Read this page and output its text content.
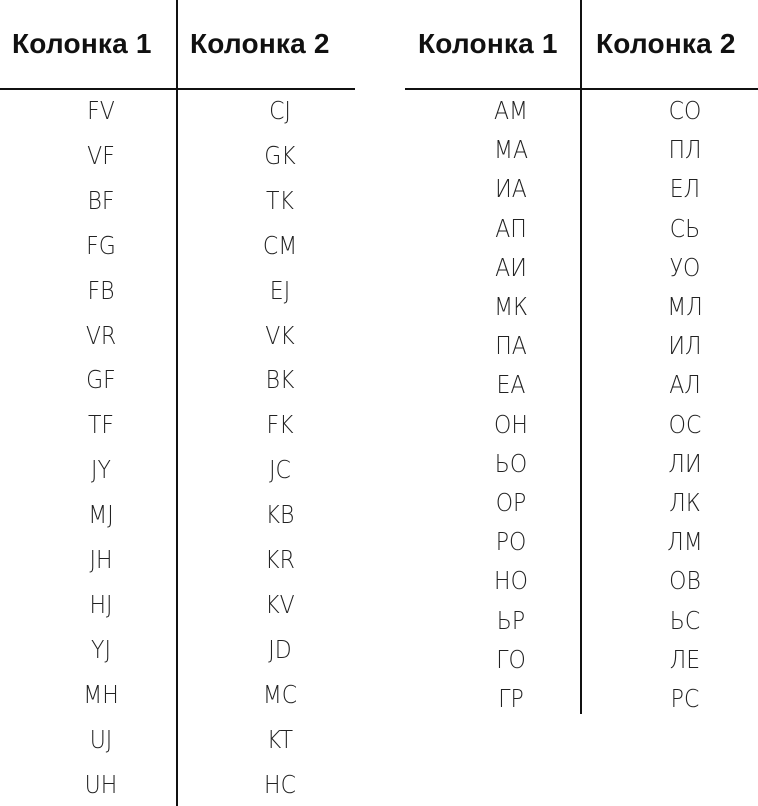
Колонка 1	Колонка 2
FV	CJ
VF	GK
BF	TK
FG	CM
FB	EJ
VR	VK
GF	BK
TF	FK
JY	JC
MJ	KB
JH	KR
HJ	KV
YJ	JD
MH	MC
UJ	KT
UH	HC
Колонка 1	Колонка 2
АМ	СО
МА	ПЛ
ИА	ЕЛ
АП	СЬ
АИ	УО
МК	МЛ
ПА	ИЛ
ЕА	АЛ
ОН	ОС
ЬО	ЛИ
ОР	ЛК
РО	ЛМ
НО	ОВ
ЬР	ЬС
ГО	ЛЕ
ГР	РС
